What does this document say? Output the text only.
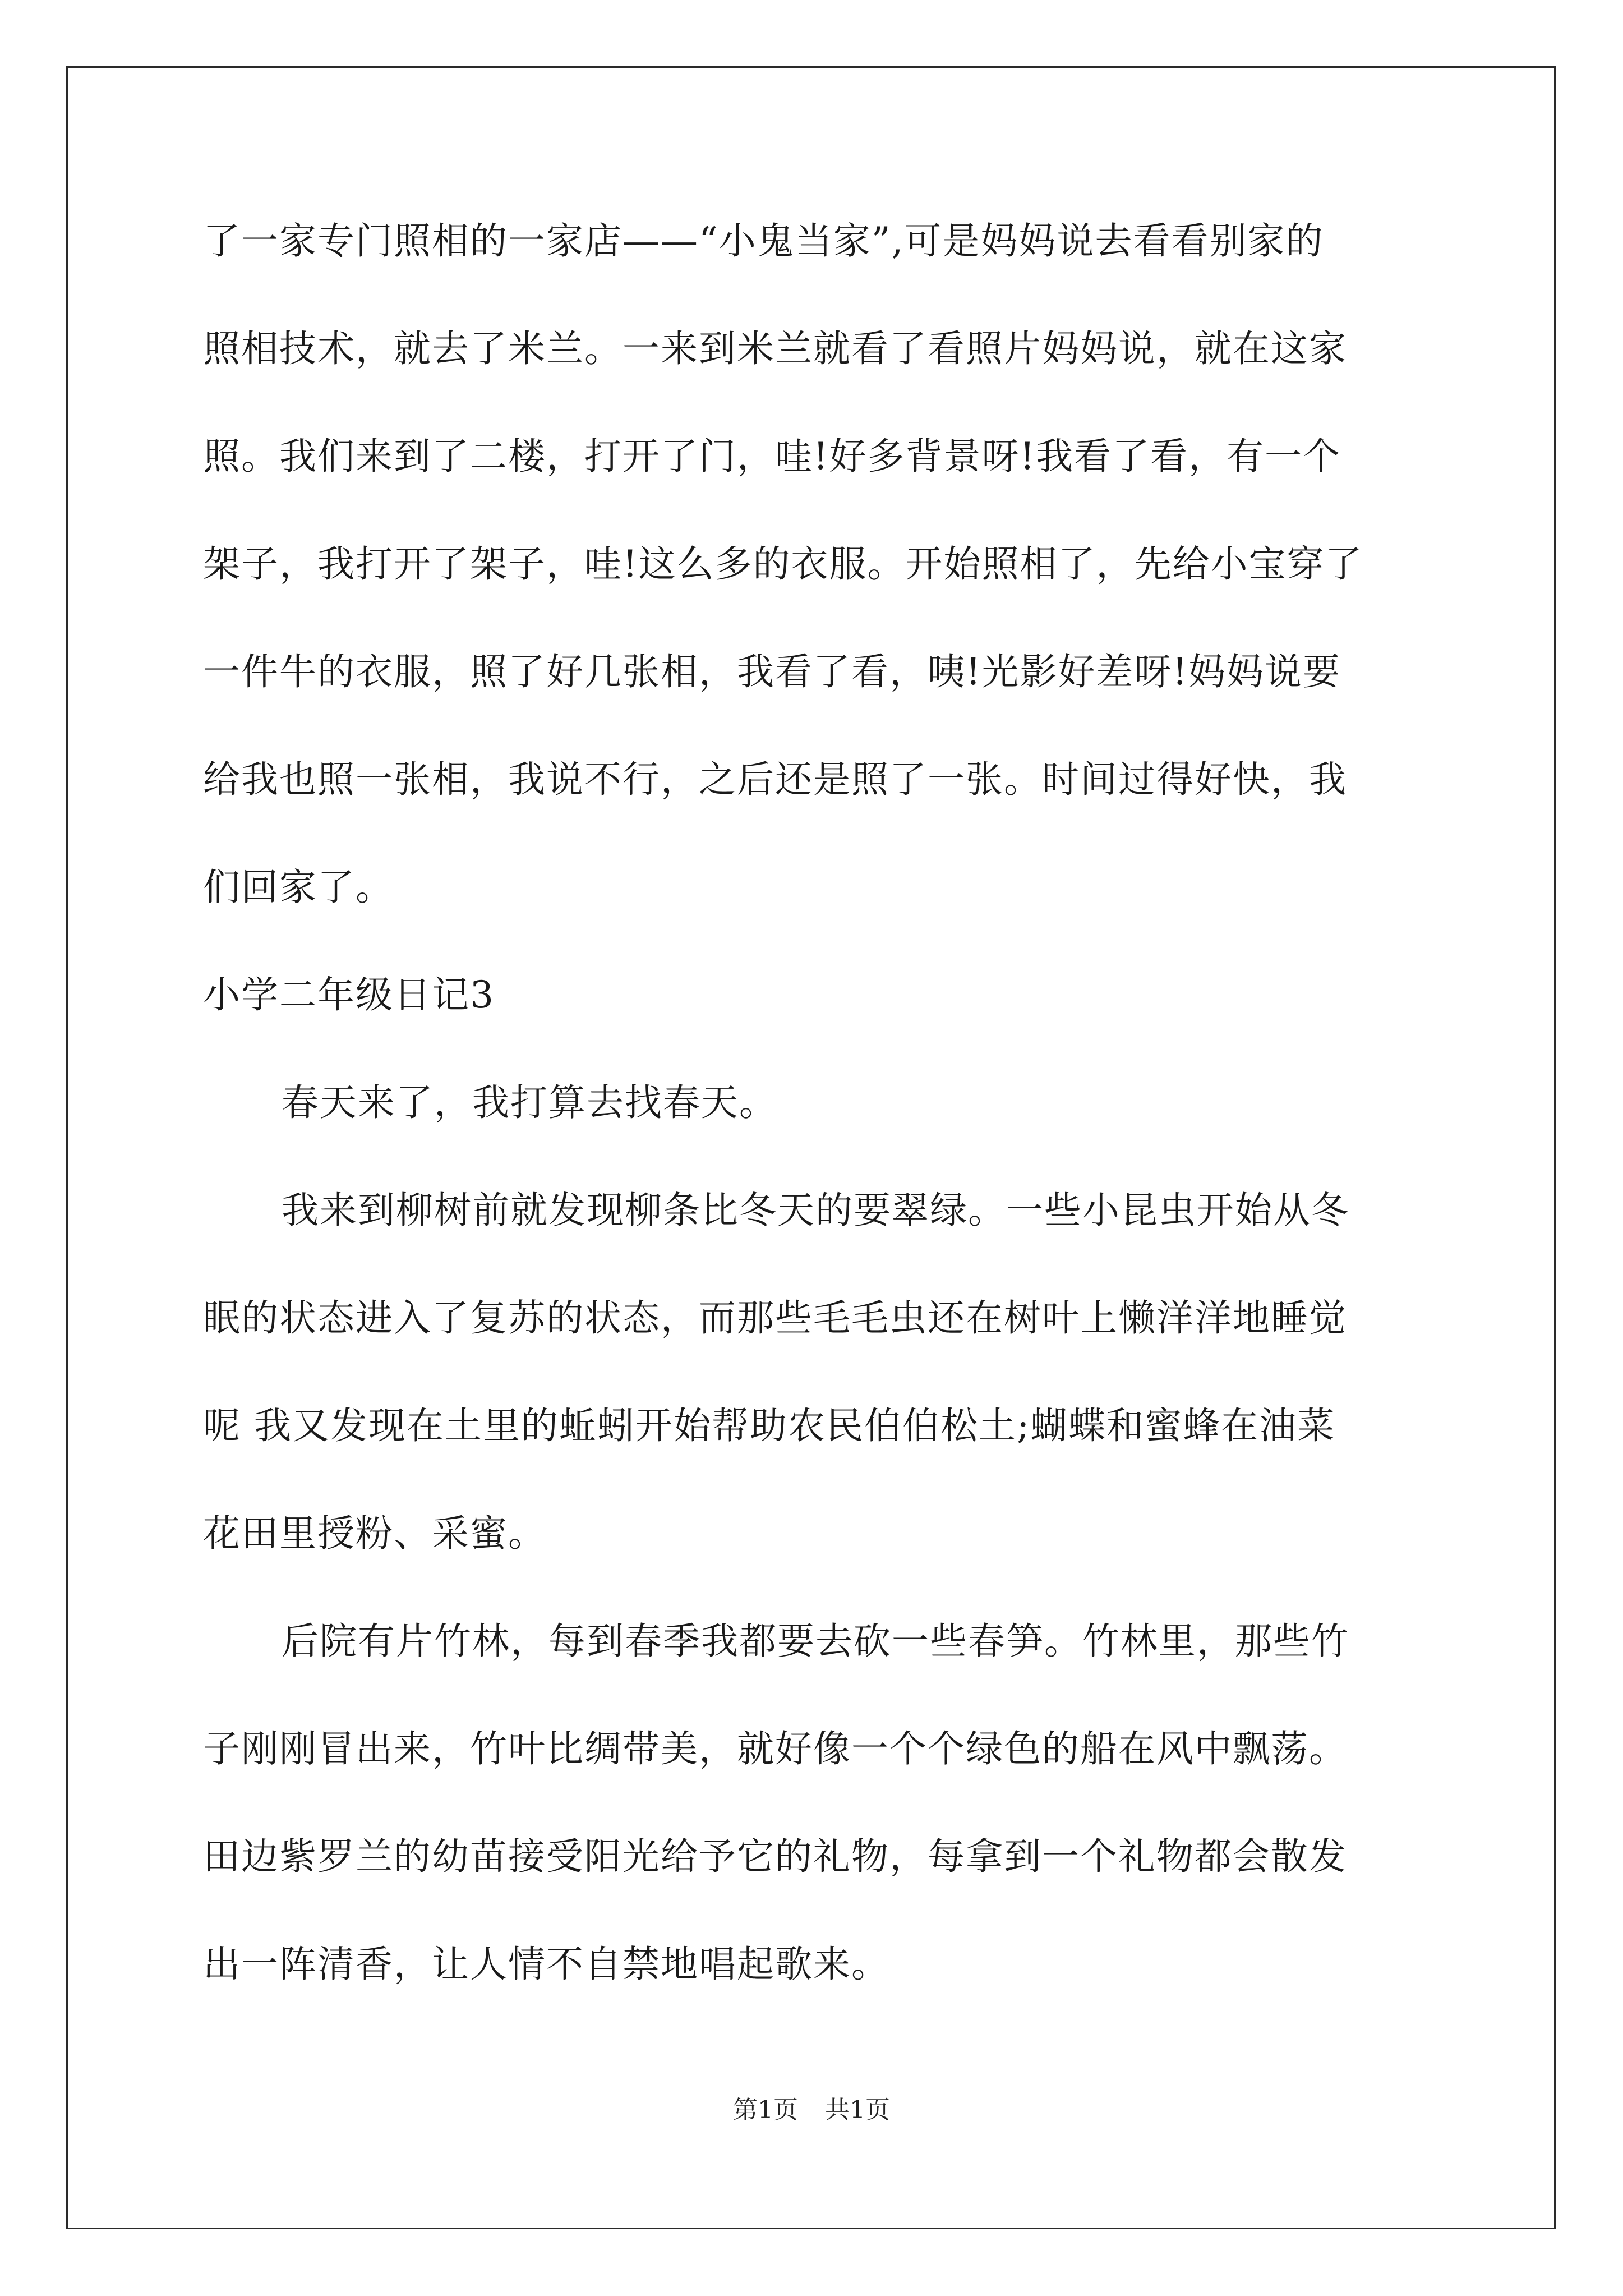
了一家专门照相的一家店——“小鬼当家”,可是妈妈说去看看别家的
照相技术，就去了米兰。一来到米兰就看了看照片妈妈说，就在这家
照。我们来到了二楼，打开了门，哇!好多背景呀!我看了看，有一个
架子，我打开了架子，哇!这么多的衣服。开始照相了，先给小宝穿了
一件牛的衣服，照了好几张相，我看了看，咦!光影好差呀!妈妈说要
给我也照一张相，我说不行，之后还是照了一张。时间过得好快，我
们回家了。
小学二年级日记3
春天来了，我打算去找春天。
我来到柳树前就发现柳条比冬天的要翠绿。一些小昆虫开始从冬
眠的状态进入了复苏的状态，而那些毛毛虫还在树叶上懒洋洋地睡觉
呢 我又发现在土里的蚯蚓开始帮助农民伯伯松土;蝴蝶和蜜蜂在油菜
花田里授粉、采蜜。
后院有片竹林，每到春季我都要去砍一些春笋。竹林里，那些竹
子刚刚冒出来，竹叶比绸带美，就好像一个个绿色的船在风中飘荡。
田边紫罗兰的幼苗接受阳光给予它的礼物，每拿到一个礼物都会散发
出一阵清香，让人情不自禁地唱起歌来。
第1页 共1页
